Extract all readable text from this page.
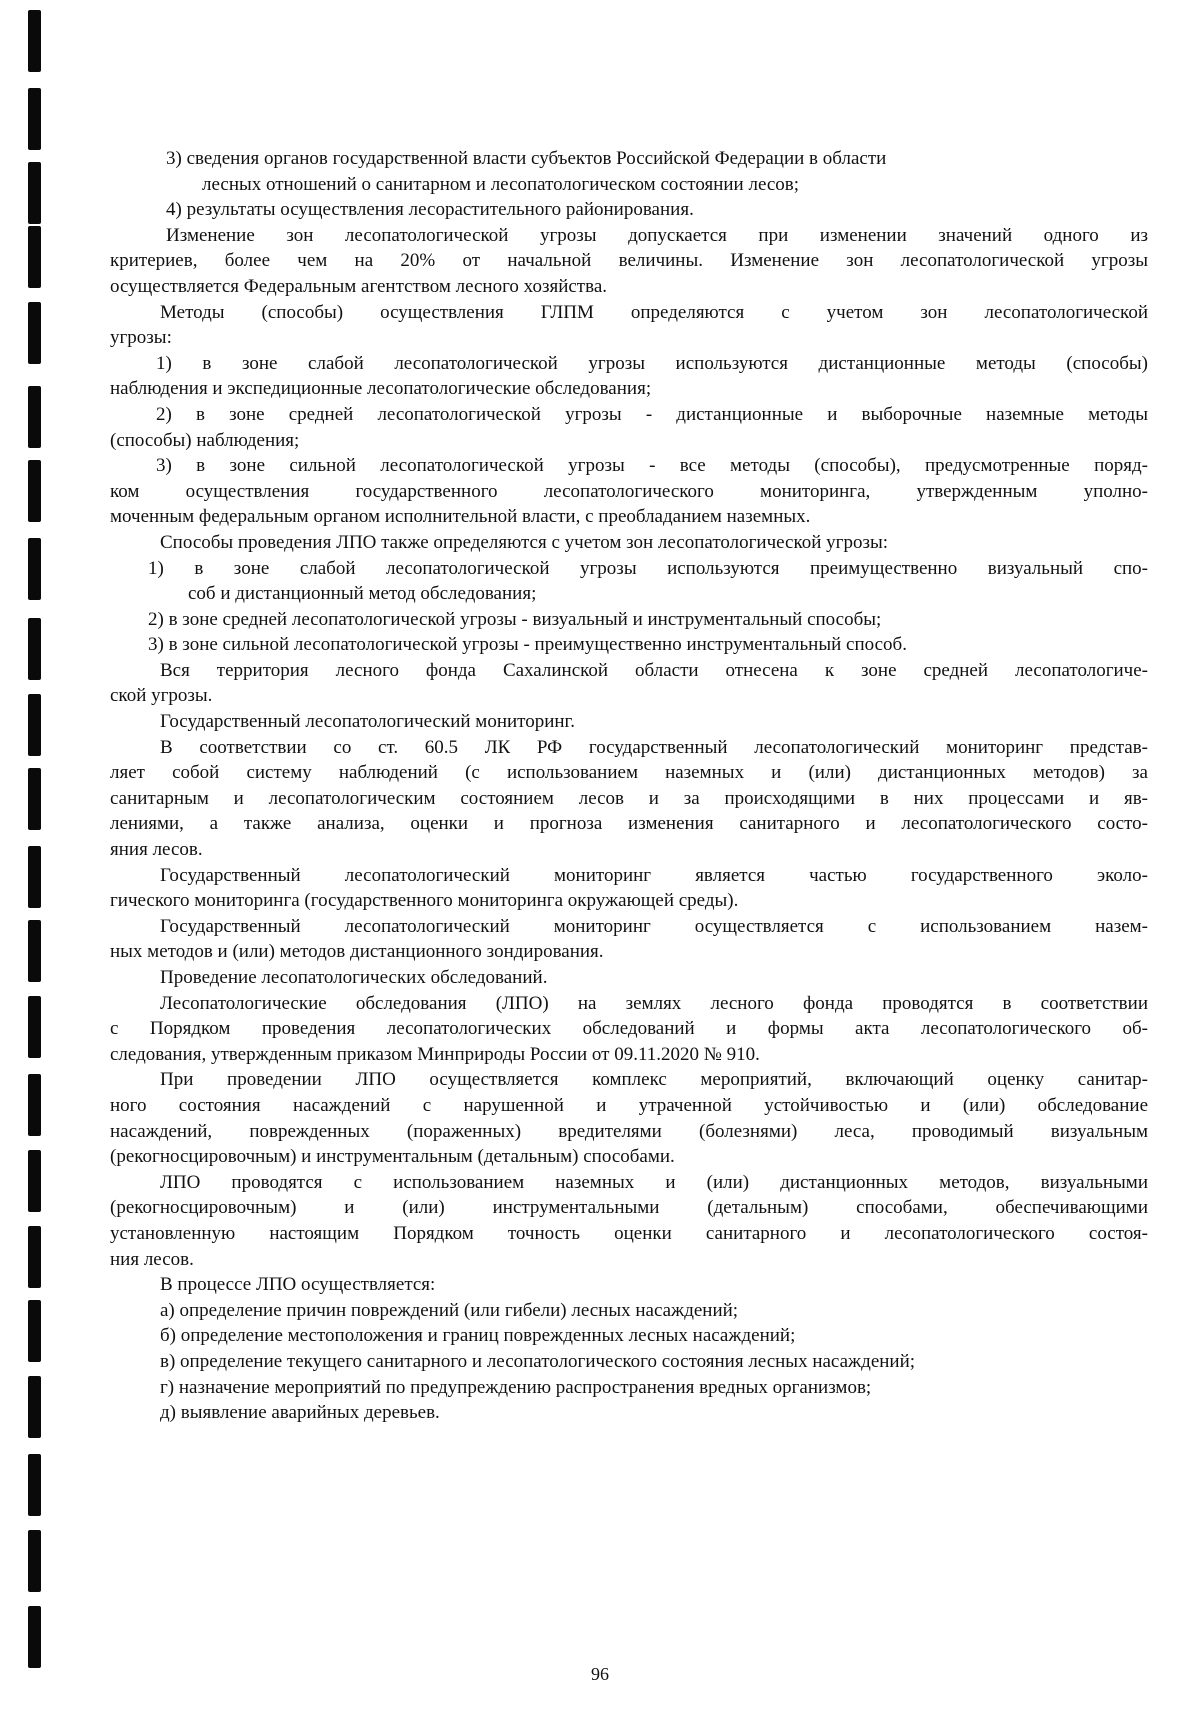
3) сведения органов государственной власти субъектов Российской Федерации в области
лесных отношений о санитарном и лесопатологическом состоянии лесов;
4) результаты осуществления лесорастительного районирования.
Изменение зон лесопатологической угрозы допускается при изменении значений одного из
критериев, более чем на 20% от начальной величины. Изменение зон лесопатологической угрозы
осуществляется Федеральным агентством лесного хозяйства.
Методы (способы) осуществления ГЛПМ определяются с учетом зон лесопатологической
угрозы:
1) в зоне слабой лесопатологической угрозы используются дистанционные методы (способы)
наблюдения и экспедиционные лесопатологические обследования;
2) в зоне средней лесопатологической угрозы - дистанционные и выборочные наземные методы
(способы) наблюдения;
3) в зоне сильной лесопатологической угрозы - все методы (способы), предусмотренные поряд-
ком осуществления государственного лесопатологического мониторинга, утвержденным уполно-
моченным федеральным органом исполнительной власти, с преобладанием наземных.
Способы проведения ЛПО также определяются с учетом зон лесопатологической угрозы:
1) в зоне слабой лесопатологической угрозы используются преимущественно визуальный спо-
соб и дистанционный метод обследования;
2) в зоне средней лесопатологической угрозы - визуальный и инструментальный способы;
3) в зоне сильной лесопатологической угрозы - преимущественно инструментальный способ.
Вся территория лесного фонда Сахалинской области отнесена к зоне средней лесопатологиче-
ской угрозы.
Государственный лесопатологический мониторинг.
В соответствии со ст. 60.5 ЛК РФ государственный лесопатологический мониторинг представ-
ляет собой систему наблюдений (с использованием наземных и (или) дистанционных методов) за
санитарным и лесопатологическим состоянием лесов и за происходящими в них процессами и яв-
лениями, а также анализа, оценки и прогноза изменения санитарного и лесопатологического состо-
яния лесов.
Государственный лесопатологический мониторинг является частью государственного эколо-
гического мониторинга (государственного мониторинга окружающей среды).
Государственный лесопатологический мониторинг осуществляется с использованием назем-
ных методов и (или) методов дистанционного зондирования.
Проведение лесопатологических обследований.
Лесопатологические обследования (ЛПО) на землях лесного фонда проводятся в соответствии
с Порядком проведения лесопатологических обследований и формы акта лесопатологического об-
следования, утвержденным приказом Минприроды России от 09.11.2020 № 910.
При проведении ЛПО осуществляется комплекс мероприятий, включающий оценку санитар-
ного состояния насаждений с нарушенной и утраченной устойчивостью и (или) обследование
насаждений, поврежденных (пораженных) вредителями (болезнями) леса, проводимый визуальным
(рекогносцировочным) и инструментальным (детальным) способами.
ЛПО проводятся с использованием наземных и (или) дистанционных методов, визуальными
(рекогносцировочным) и (или) инструментальными (детальным) способами, обеспечивающими
установленную настоящим Порядком точность оценки санитарного и лесопатологического состоя-
ния лесов.
В процессе ЛПО осуществляется:
а) определение причин повреждений (или гибели) лесных насаждений;
б) определение местоположения и границ поврежденных лесных насаждений;
в) определение текущего санитарного и лесопатологического состояния лесных насаждений;
г) назначение мероприятий по предупреждению распространения вредных организмов;
д) выявление аварийных деревьев.
96
